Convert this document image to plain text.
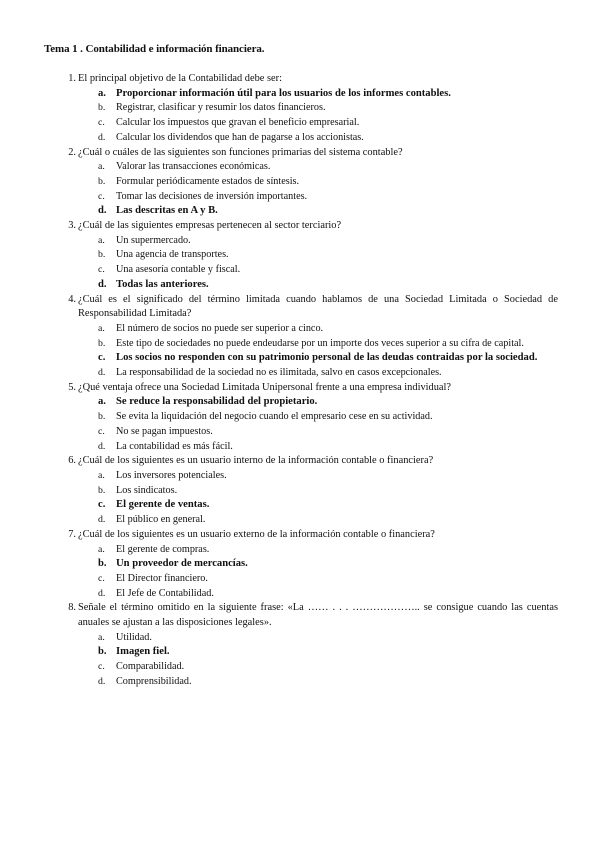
Tema 1 . Contabilidad e información financiera.
1. El principal objetivo de la Contabilidad debe ser:
a. Proporcionar información útil para los usuarios de los informes contables.
b.	Registrar, clasificar y resumir los datos financieros.
c.	Calcular los impuestos que gravan el beneficio empresarial.
d.	Calcular los dividendos que han de pagarse a los accionistas.
2. ¿Cuál o cuáles de las siguientes son funciones primarias del sistema contable?
a.	Valorar las transacciones económicas.
b.	Formular periódicamente estados de síntesis.
c.	Tomar las decisiones de inversión importantes.
d. Las descritas en A y B.
3. ¿Cuál de las siguientes empresas pertenecen al sector terciario?
a.	Un supermercado.
b.	Una agencia de transportes.
c.	Una asesoría contable y fiscal.
d. Todas las anteriores.
4. ¿Cuál es el significado del término limitada cuando hablamos de una Sociedad Limitada o Sociedad de Responsabilidad Limitada?
a.	El número de socios no puede ser superior a cinco.
b.	Este tipo de sociedades no puede endeudarse por un importe dos veces superior a su cifra de capital.
c.	Los socios no responden con su patrimonio personal de las deudas contraidas por la sociedad.
d.	La responsabilidad de la sociedad no es ilimitada, salvo en casos excepcionales.
5. ¿Qué ventaja ofrece una Sociedad Limitada Unipersonal frente a una empresa individual?
a. Se reduce la responsabilidad del propietario.
b.	Se evita la liquidación del negocio cuando el empresario cese en su actividad.
c.	No se pagan impuestos.
d.	La contabilidad es más fácil.
6. ¿Cuál de los siguientes es un usuario interno de la información contable o financiera?
a.	Los inversores potenciales.
b.	Los sindicatos.
c.	El gerente de ventas.
d.	El público en general.
7. ¿Cuál de los siguientes es un usuario externo de la información contable o financiera?
a.	El gerente de compras.
b. Un proveedor de mercancías.
c.	El Director financiero.
d.	El Jefe de Contabilidad.
8. Señale el término omitido en la siguiente frase: «La …… . . . ……………….. se consigue cuando las cuentas anuales se ajustan a las disposiciones legales».
a.	Utilidad.
b. Imagen fiel.
c.	Comparabilidad.
d.	Comprensibilidad.
